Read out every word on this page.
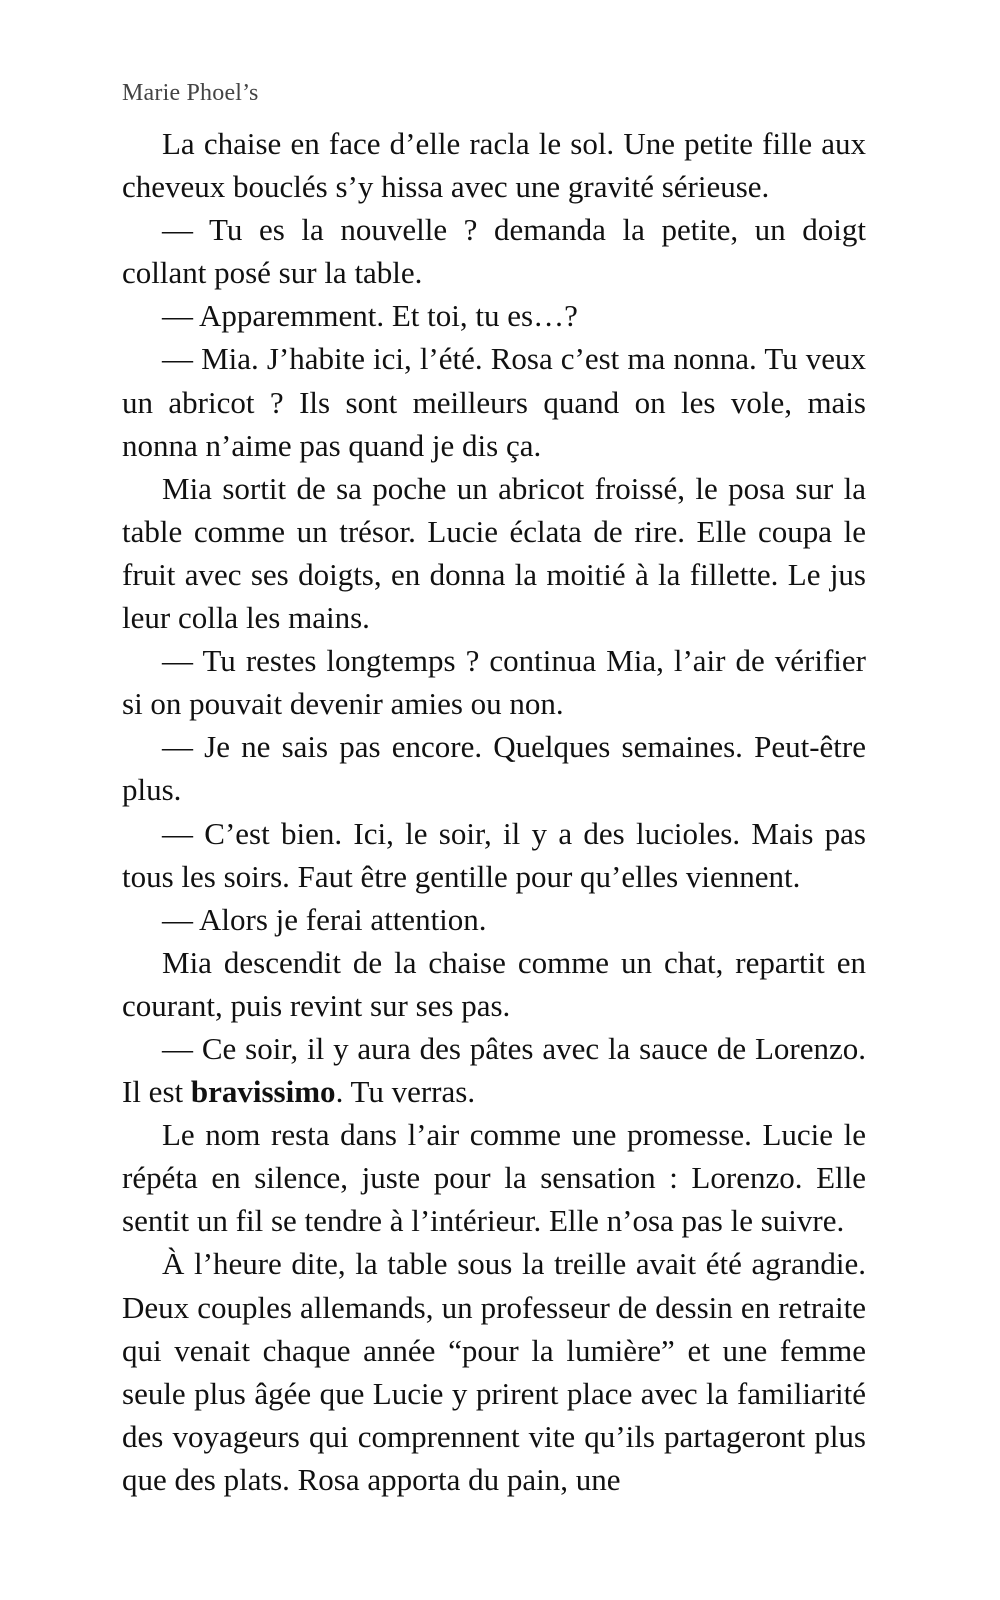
Marie Phoel’s

La chaise en face d’elle racla le sol. Une petite fille aux cheveux bouclés s’y hissa avec une gravité sérieuse.

— Tu es la nouvelle ? demanda la petite, un doigt collant posé sur la table.

— Apparemment. Et toi, tu es…?

— Mia. J’habite ici, l’été. Rosa c’est ma nonna. Tu veux un abricot ? Ils sont meilleurs quand on les vole, mais nonna n’aime pas quand je dis ça.

Mia sortit de sa poche un abricot froissé, le posa sur la table comme un trésor. Lucie éclata de rire. Elle coupa le fruit avec ses doigts, en donna la moitié à la fillette. Le jus leur colla les mains.

— Tu restes longtemps ? continua Mia, l’air de vérifier si on pouvait devenir amies ou non.

— Je ne sais pas encore. Quelques semaines. Peut-être plus.

— C’est bien. Ici, le soir, il y a des lucioles. Mais pas tous les soirs. Faut être gentille pour qu’elles viennent.

— Alors je ferai attention.

Mia descendit de la chaise comme un chat, repartit en courant, puis revint sur ses pas.

— Ce soir, il y aura des pâtes avec la sauce de Lorenzo. Il est bravissimo. Tu verras.

Le nom resta dans l’air comme une promesse. Lucie le répéta en silence, juste pour la sensation : Lorenzo. Elle sentit un fil se tendre à l’intérieur. Elle n’osa pas le suivre.

À l’heure dite, la table sous la treille avait été agrandie. Deux couples allemands, un professeur de dessin en retraite qui venait chaque année “pour la lumière” et une femme seule plus âgée que Lucie y prirent place avec la familiarité des voyageurs qui comprennent vite qu’ils partageront plus que des plats. Rosa apporta du pain, une
